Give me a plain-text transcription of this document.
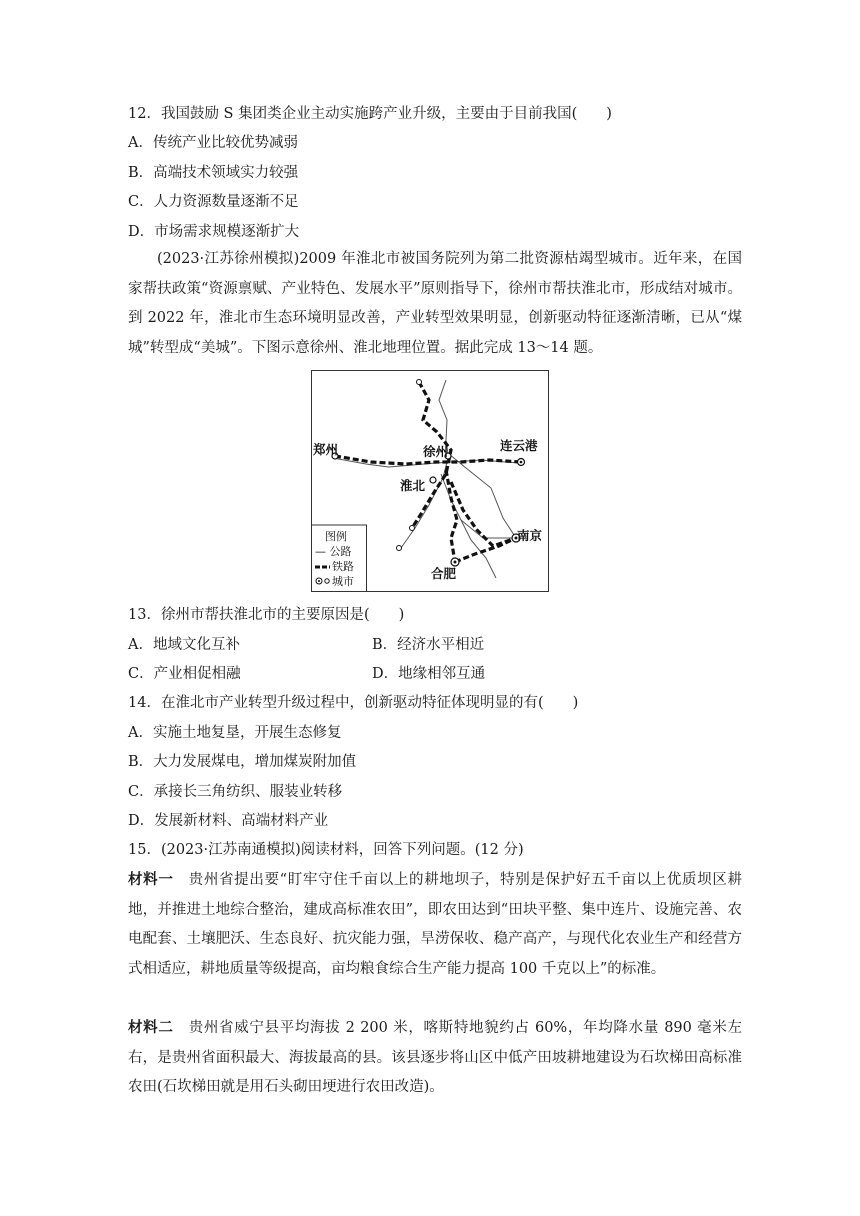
12．我国鼓励 S 集团类企业主动实施跨产业升级，主要由于目前我国(　　)
A．传统产业比较优势减弱
B．高端技术领域实力较强
C．人力资源数量逐渐不足
D．市场需求规模逐渐扩大
(2023·江苏徐州模拟)2009 年淮北市被国务院列为第二批资源枯竭型城市。近年来，在国家帮扶政策“资源禀赋、产业特色、发展水平”原则指导下，徐州市帮扶淮北市，形成结对城市。到 2022 年，淮北市生态环境明显改善，产业转型效果明显，创新驱动特征逐渐清晰，已从“煤城”转型成“美城”。下图示意徐州、淮北地理位置。据此完成 13～14 题。
郑州	徐州	连云港
淮北
南京
合肥
图例
— 公路
铁路
城市
13．徐州市帮扶淮北市的主要原因是(　　)
A．地域文化互补	B．经济水平相近
C．产业相促相融	D．地缘相邻互通
14．在淮北市产业转型升级过程中，创新驱动特征体现明显的有(　　)
A．实施土地复垦，开展生态修复
B．大力发展煤电，增加煤炭附加值
C．承接长三角纺织、服装业转移
D．发展新材料、高端材料产业
15．(2023·江苏南通模拟)阅读材料，回答下列问题。(12 分)
材料一　 贵州省提出要“盯牢守住千亩以上的耕地坝子，特别是保护好五千亩以上优质坝区耕地，并推进土地综合整治，建成高标准农田”，即农田达到“田块平整、集中连片、设施完善、农电配套、土壤肥沃、生态良好、抗灾能力强，旱涝保收、稳产高产，与现代化农业生产和经营方式相适应，耕地质量等级提高，亩均粮食综合生产能力提高 100 千克以上”的标准。
材料二　 贵州省威宁县平均海拔 2 200 米，喀斯特地貌约占 60%，年均降水量 890 毫米左右，是贵州省面积最大、海拔最高的县。该县逐步将山区中低产田坡耕地建设为石坎梯田高标准农田(石坎梯田就是用石头砌田埂进行农田改造)。
